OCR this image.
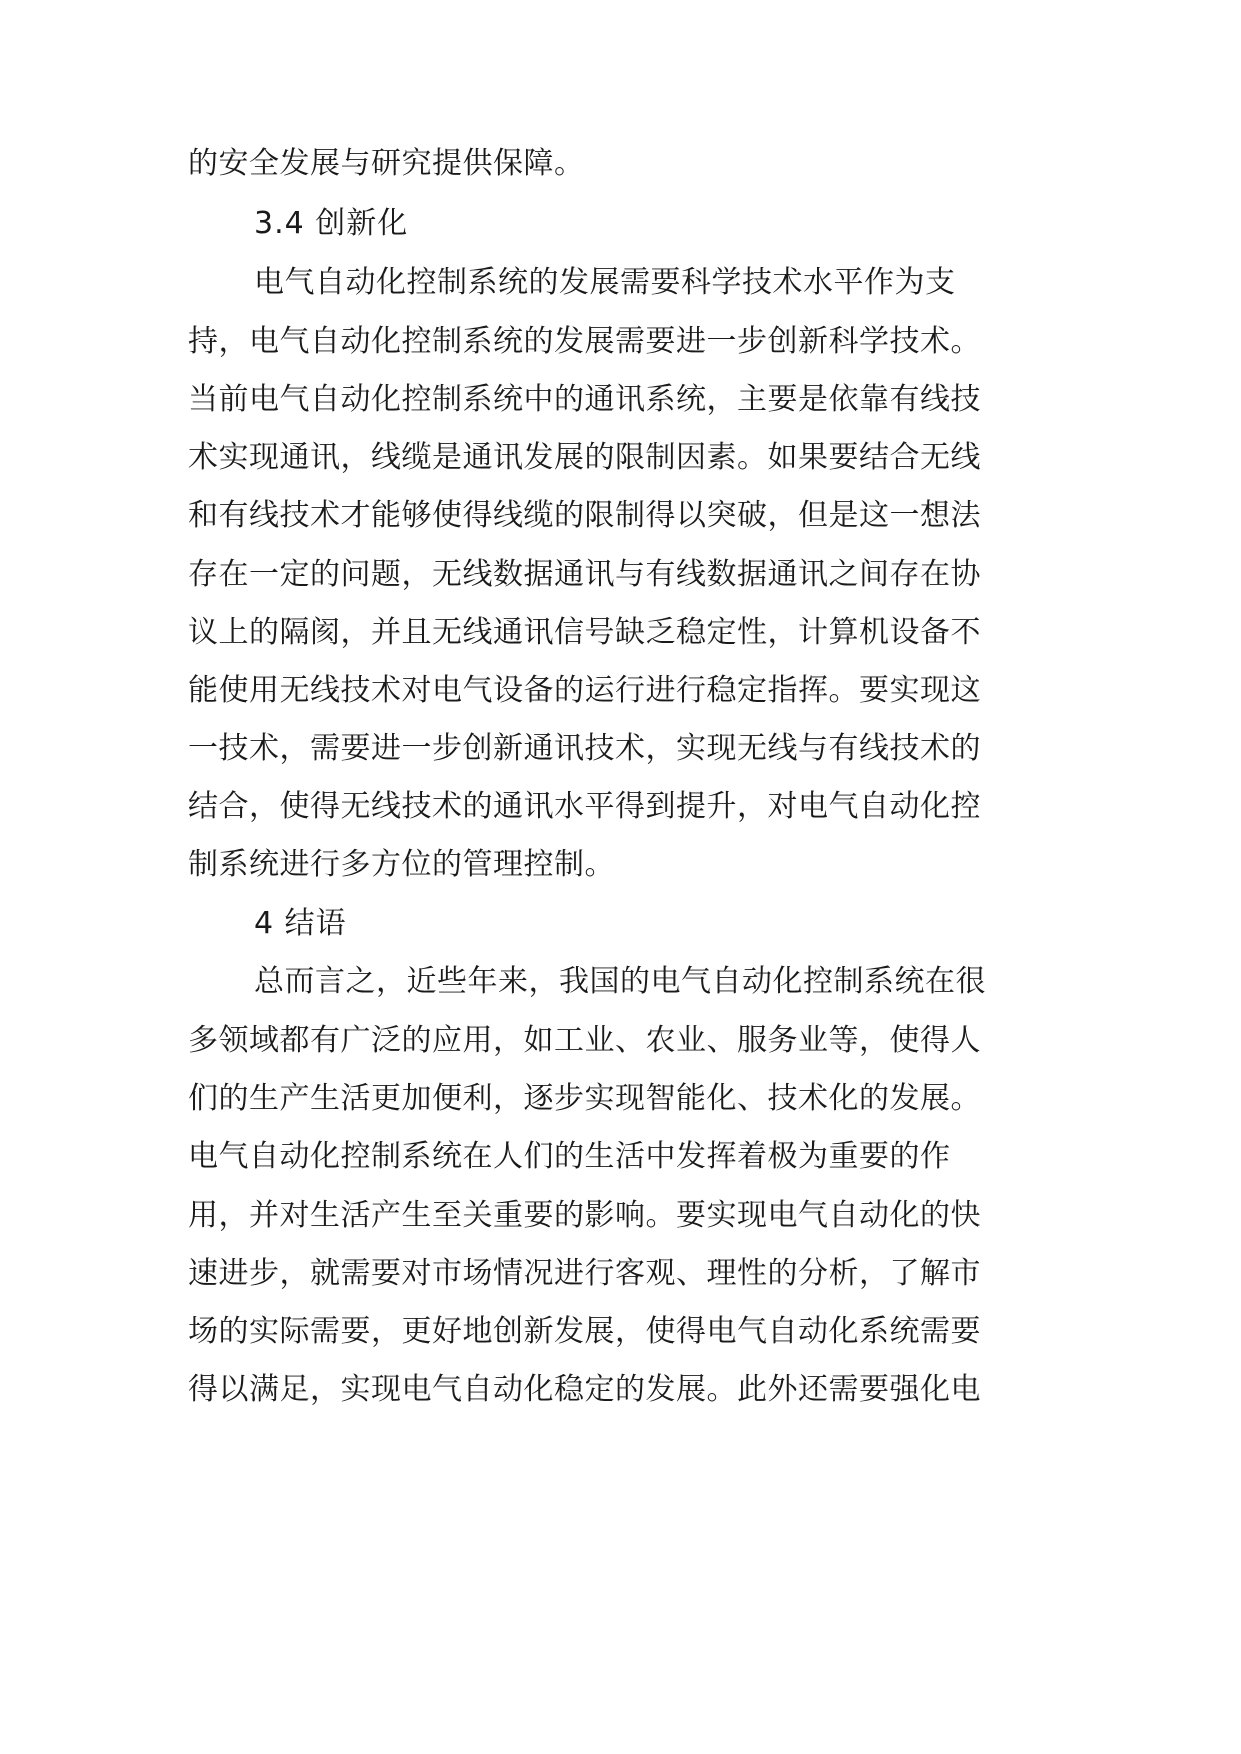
的安全发展与研究提供保障。
3.4 创新化
电气自动化控制系统的发展需要科学技术水平作为支
持，电气自动化控制系统的发展需要进一步创新科学技术。
当前电气自动化控制系统中的通讯系统，主要是依靠有线技
术实现通讯，线缆是通讯发展的限制因素。如果要结合无线
和有线技术才能够使得线缆的限制得以突破，但是这一想法
存在一定的问题，无线数据通讯与有线数据通讯之间存在协
议上的隔阂，并且无线通讯信号缺乏稳定性，计算机设备不
能使用无线技术对电气设备的运行进行稳定指挥。要实现这
一技术，需要进一步创新通讯技术，实现无线与有线技术的
结合，使得无线技术的通讯水平得到提升，对电气自动化控
制系统进行多方位的管理控制。
4 结语
总而言之，近些年来，我国的电气自动化控制系统在很
多领域都有广泛的应用，如工业、农业、服务业等，使得人
们的生产生活更加便利，逐步实现智能化、技术化的发展。
电气自动化控制系统在人们的生活中发挥着极为重要的作
用，并对生活产生至关重要的影响。要实现电气自动化的快
速进步，就需要对市场情况进行客观、理性的分析，了解市
场的实际需要，更好地创新发展，使得电气自动化系统需要
得以满足，实现电气自动化稳定的发展。此外还需要强化电
